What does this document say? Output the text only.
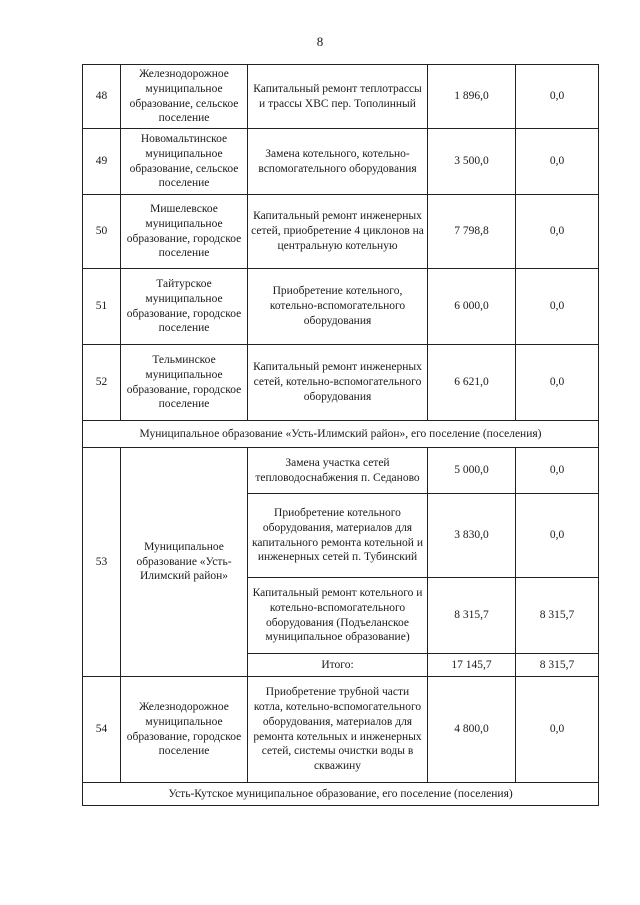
8
48	Железнодорожное муниципальное образование, сельское поселение	Капитальный ремонт теплотрассы и трассы ХВС пер. Тополинный	1 896,0	0,0
49	Новомальтинское муниципальное образование, сельское поселение	Замена котельного, котельно-вспомогательного оборудования	3 500,0	0,0
50	Мишелевское муниципальное образование, городское поселение	Капитальный ремонт инженерных сетей, приобретение 4 циклонов на центральную котельную	7 798,8	0,0
51	Тайтурское муниципальное образование, городское поселение	Приобретение котельного, котельно-вспомогательного оборудования	6 000,0	0,0
52	Тельминское муниципальное образование, городское поселение	Капитальный ремонт инженерных сетей, котельно-вспомогательного оборудования	6 621,0	0,0
Муниципальное образование «Усть-Илимский район», его поселение (поселения)				
53	Муниципальное образование «Усть-Илимский район»	Замена участка сетей тепловодоснабжения п. Седаново	5 000,0	0,0
		Приобретение котельного оборудования, материалов для капитального ремонта котельной и инженерных сетей п. Тубинский	3 830,0	0,0
		Капитальный ремонт котельного и котельно-вспомогательного оборудования (Подъеланское муниципальное образование)	8 315,7	8 315,7
		Итого:	17 145,7	8 315,7
54	Железнодорожное муниципальное образование, городское поселение	Приобретение трубной части котла, котельно-вспомогательного оборудования, материалов для ремонта котельных и инженерных сетей, системы очистки воды в скважину	4 800,0	0,0
Усть-Кутское муниципальное образование, его поселение (поселения)				
